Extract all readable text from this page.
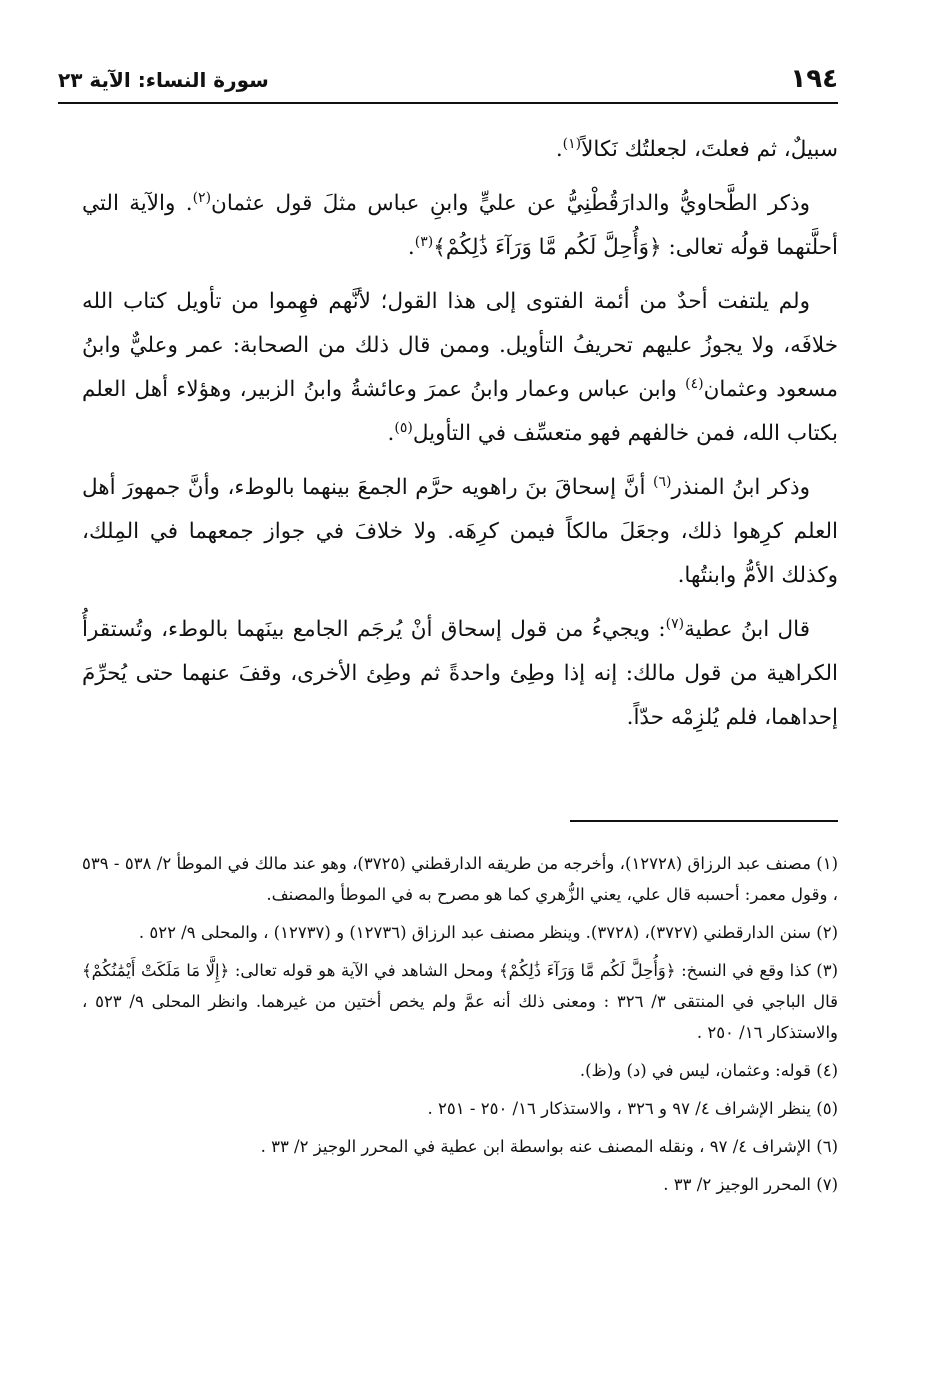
١٩٤
سورة النساء: الآية ٢٣

سبيلٌ، ثم فعلتَ، لجعلتُك نَكالاً$^{(١)}$.

وذكر الطَّحاويُّ والدارَقُطْنِيُّ عن عليٍّ وابنِ عباس مثلَ قول عثمان$^{(٢)}$. والآية التي أحلَّتهما قولُه تعالى: ﴿وَأُحِلَّ لَكُم مَّا وَرَآءَ ذَٰلِكُمْ﴾$^{(٣)}$.

ولم يلتفت أحدٌ من أئمة الفتوى إلى هذا القول؛ لأنَّهم فهِموا من تأويل كتاب الله خلافَه، ولا يجوزُ عليهم تحريفُ التأويل. وممن قال ذلك من الصحابة: عمر وعليٌّ وابنُ مسعود وعثمان$^{(٤)}$ وابن عباس وعمار وابنُ عمرَ وعائشةُ وابنُ الزبير، وهؤلاء أهل العلم بكتاب الله، فمن خالفهم فهو متعسِّف في التأويل$^{(٥)}$.

وذكر ابنُ المنذر$^{(٦)}$ أنَّ إسحاقَ بنَ راهويه حرَّم الجمعَ بينهما بالوطء، وأنَّ جمهورَ أهل العلم كرِهوا ذلك، وجعَلَ مالكاً فيمن كرِهَه. ولا خلافَ في جواز جمعهما في المِلك، وكذلك الأمُّ وابنتُها.

قال ابنُ عطية$^{(٧)}$: ويجيءُ من قول إسحاق أنْ يُرجَم الجامع بينَهما بالوطء، وتُستقرأُ الكراهية من قول مالك: إنه إذا وطِئ واحدةً ثم وطِئ الأخرى، وقفَ عنهما حتى يُحرِّمَ إحداهما، فلم يُلزِمْه حدّاً.

(١) مصنف عبد الرزاق (١٢٧٢٨)، وأخرجه من طريقه الدارقطني (٣٧٢٥)، وهو عند مالك في الموطأ ٢/ ٥٣٨ - ٥٣٩ ، وقول معمر: أحسبه قال علي، يعني الزُّهري كما هو مصرح به في الموطأ والمصنف.

(٢) سنن الدارقطني (٣٧٢٧)، (٣٧٢٨). وينظر مصنف عبد الرزاق (١٢٧٣٦) و (١٢٧٣٧) ، والمحلى ٩/ ٥٢٢ .

(٣) كذا وقع في النسخ: ﴿وَأُحِلَّ لَكُم مَّا وَرَآءَ ذَٰلِكُمْ﴾ ومحل الشاهد في الآية هو قوله تعالى: ﴿إِلَّا مَا مَلَكَتْ أَيْمَٰنُكُمْ﴾ قال الباجي في المنتقى ٣/ ٣٢٦ : ومعنى ذلك أنه عمَّ ولم يخص أختين من غيرهما. وانظر المحلى ٩/ ٥٢٣ ، والاستذكار ١٦/ ٢٥٠ .

(٤) قوله: وعثمان، ليس في (د) و(ظ).

(٥) ينظر الإشراف ٤/ ٩٧ و ٣٢٦ ، والاستذكار ١٦/ ٢٥٠ - ٢٥١ .

(٦) الإشراف ٤/ ٩٧ ، ونقله المصنف عنه بواسطة ابن عطية في المحرر الوجيز ٢/ ٣٣ .

(٧) المحرر الوجيز ٢/ ٣٣ .
